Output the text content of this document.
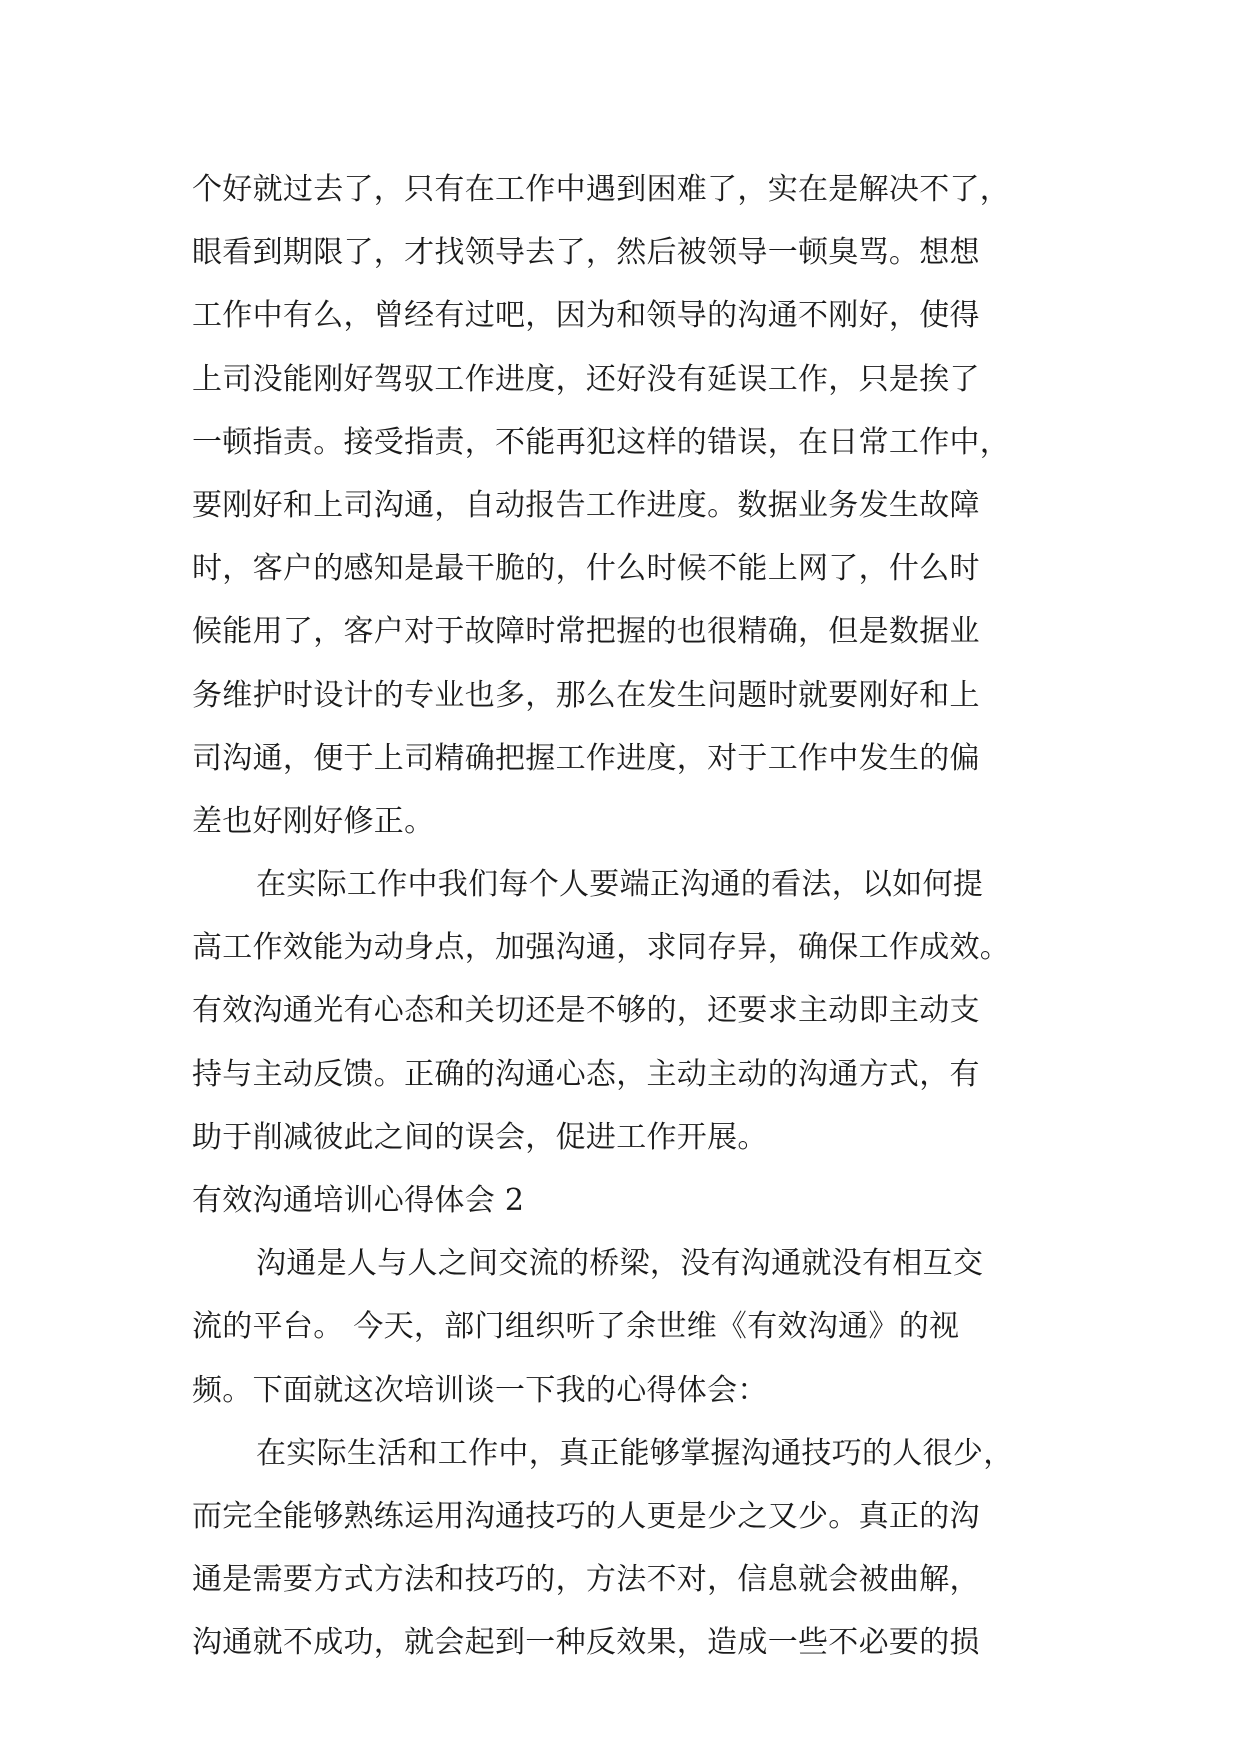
个好就过去了，只有在工作中遇到困难了，实在是解决不了，
眼看到期限了，才找领导去了，然后被领导一顿臭骂。想想
工作中有么，曾经有过吧，因为和领导的沟通不刚好，使得
上司没能刚好驾驭工作进度，还好没有延误工作，只是挨了
一顿指责。接受指责，不能再犯这样的错误，在日常工作中，
要刚好和上司沟通，自动报告工作进度。数据业务发生故障
时，客户的感知是最干脆的，什么时候不能上网了，什么时
候能用了，客户对于故障时常把握的也很精确，但是数据业
务维护时设计的专业也多，那么在发生问题时就要刚好和上
司沟通，便于上司精确把握工作进度，对于工作中发生的偏
差也好刚好修正。
在实际工作中我们每个人要端正沟通的看法，以如何提
高工作效能为动身点，加强沟通，求同存异，确保工作成效。
有效沟通光有心态和关切还是不够的，还要求主动即主动支
持与主动反馈。正确的沟通心态，主动主动的沟通方式，有
助于削减彼此之间的误会，促进工作开展。
有效沟通培训心得体会 2
沟通是人与人之间交流的桥梁，没有沟通就没有相互交
流的平台。 今天，部门组织听了余世维《有效沟通》的视
频。下面就这次培训谈一下我的心得体会：
在实际生活和工作中，真正能够掌握沟通技巧的人很少，
而完全能够熟练运用沟通技巧的人更是少之又少。真正的沟
通是需要方式方法和技巧的，方法不对，信息就会被曲解，
沟通就不成功，就会起到一种反效果，造成一些不必要的损
